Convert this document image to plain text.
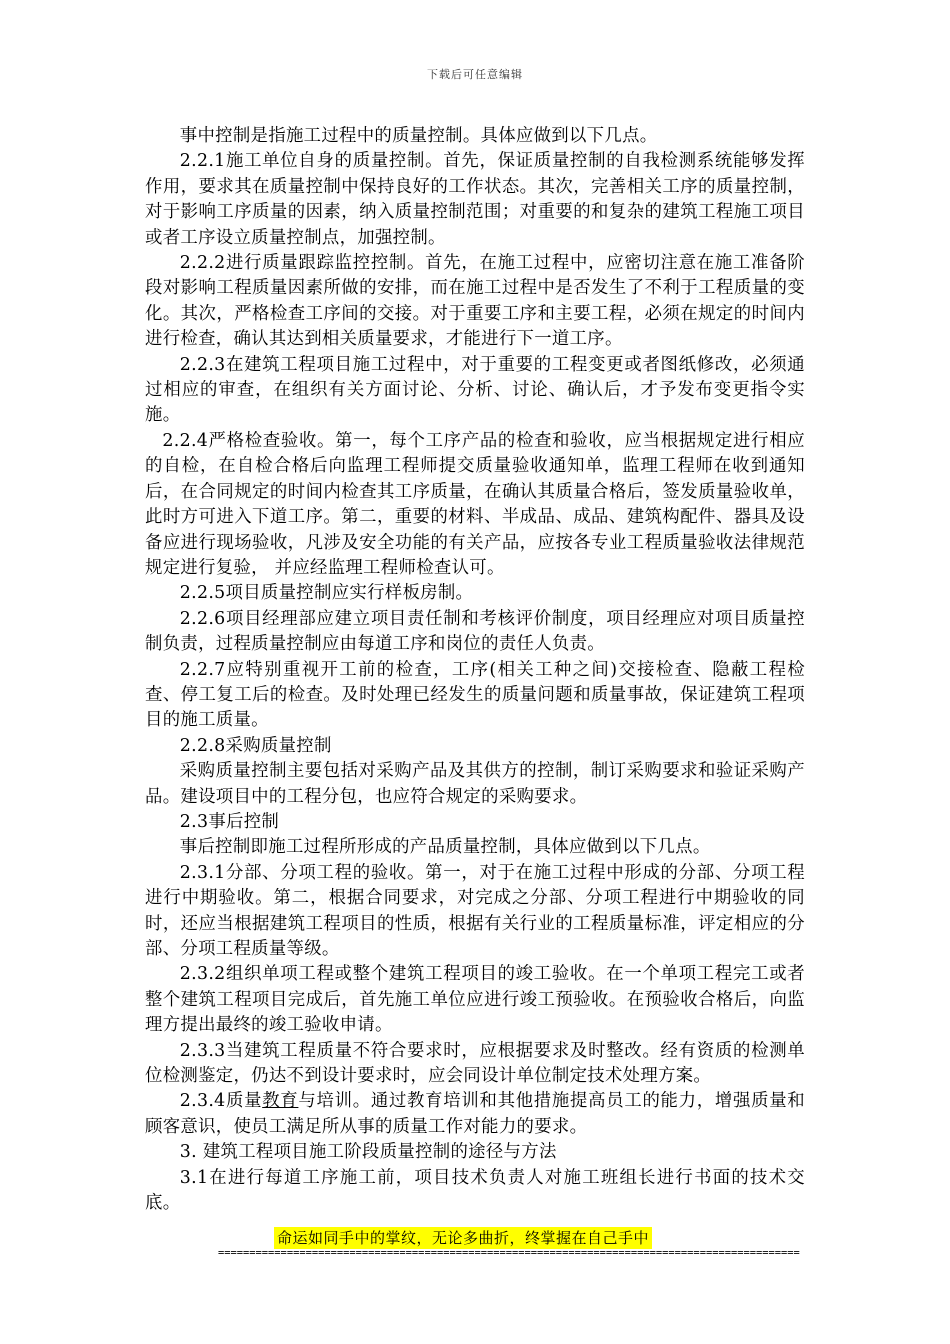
下载后可任意编辑

事中控制是指施工过程中的质量控制。具体应做到以下几点。

2.2.1施工单位自身的质量控制。首先，保证质量控制的自我检测系统能够发挥作用，要求其在质量控制中保持良好的工作状态。其次，完善相关工序的质量控制，对于影响工序质量的因素，纳入质量控制范围；对重要的和复杂的建筑工程施工项目或者工序设立质量控制点，加强控制。

2.2.2进行质量跟踪监控控制。首先，在施工过程中，应密切注意在施工准备阶段对影响工程质量因素所做的安排，而在施工过程中是否发生了不利于工程质量的变化。其次，严格检查工序间的交接。对于重要工序和主要工程，必须在规定的时间内进行检查，确认其达到相关质量要求，才能进行下一道工序。

2.2.3在建筑工程项目施工过程中，对于重要的工程变更或者图纸修改，必须通过相应的审查，在组织有关方面讨论、分析、讨论、确认后，才予发布变更指令实施。

2.2.4严格检查验收。第一，每个工序产品的检查和验收，应当根据规定进行相应的自检，在自检合格后向监理工程师提交质量验收通知单，监理工程师在收到通知后，在合同规定的时间内检查其工序质量，在确认其质量合格后，签发质量验收单，此时方可进入下道工序。第二，重要的材料、半成品、成品、建筑构配件、器具及设备应进行现场验收，凡涉及安全功能的有关产品，应按各专业工程质量验收法律规范规定进行复验， 并应经监理工程师检查认可。

2.2.5项目质量控制应实行样板房制。

2.2.6项目经理部应建立项目责任制和考核评价制度，项目经理应对项目质量控制负责，过程质量控制应由每道工序和岗位的责任人负责。

2.2.7应特别重视开工前的检查，工序(相关工种之间)交接检查、隐蔽工程检查、停工复工后的检查。及时处理已经发生的质量问题和质量事故，保证建筑工程项目的施工质量。

2.2.8采购质量控制

采购质量控制主要包括对采购产品及其供方的控制，制订采购要求和验证采购产品。建设项目中的工程分包，也应符合规定的采购要求。

2.3事后控制

事后控制即施工过程所形成的产品质量控制，具体应做到以下几点。

2.3.1分部、分项工程的验收。第一，对于在施工过程中形成的分部、分项工程进行中期验收。第二，根据合同要求，对完成之分部、分项工程进行中期验收的同时，还应当根据建筑工程项目的性质，根据有关行业的工程质量标准，评定相应的分部、分项工程质量等级。

2.3.2组织单项工程或整个建筑工程项目的竣工验收。在一个单项工程完工或者整个建筑工程项目完成后，首先施工单位应进行竣工预验收。在预验收合格后，向监理方提出最终的竣工验收申请。

2.3.3当建筑工程质量不符合要求时，应根据要求及时整改。经有资质的检测单位检测鉴定，仍达不到设计要求时，应会同设计单位制定技术处理方案。

2.3.4质量教育与培训。通过教育培训和其他措施提高员工的能力，增强质量和顾客意识，使员工满足所从事的质量工作对能力的要求。

3. 建筑工程项目施工阶段质量控制的途径与方法

3.1在进行每道工序施工前，项目技术负责人对施工班组长进行书面的技术交底。

命运如同手中的掌纹，无论多曲折，终掌握在自己手中
=============================================================================================
